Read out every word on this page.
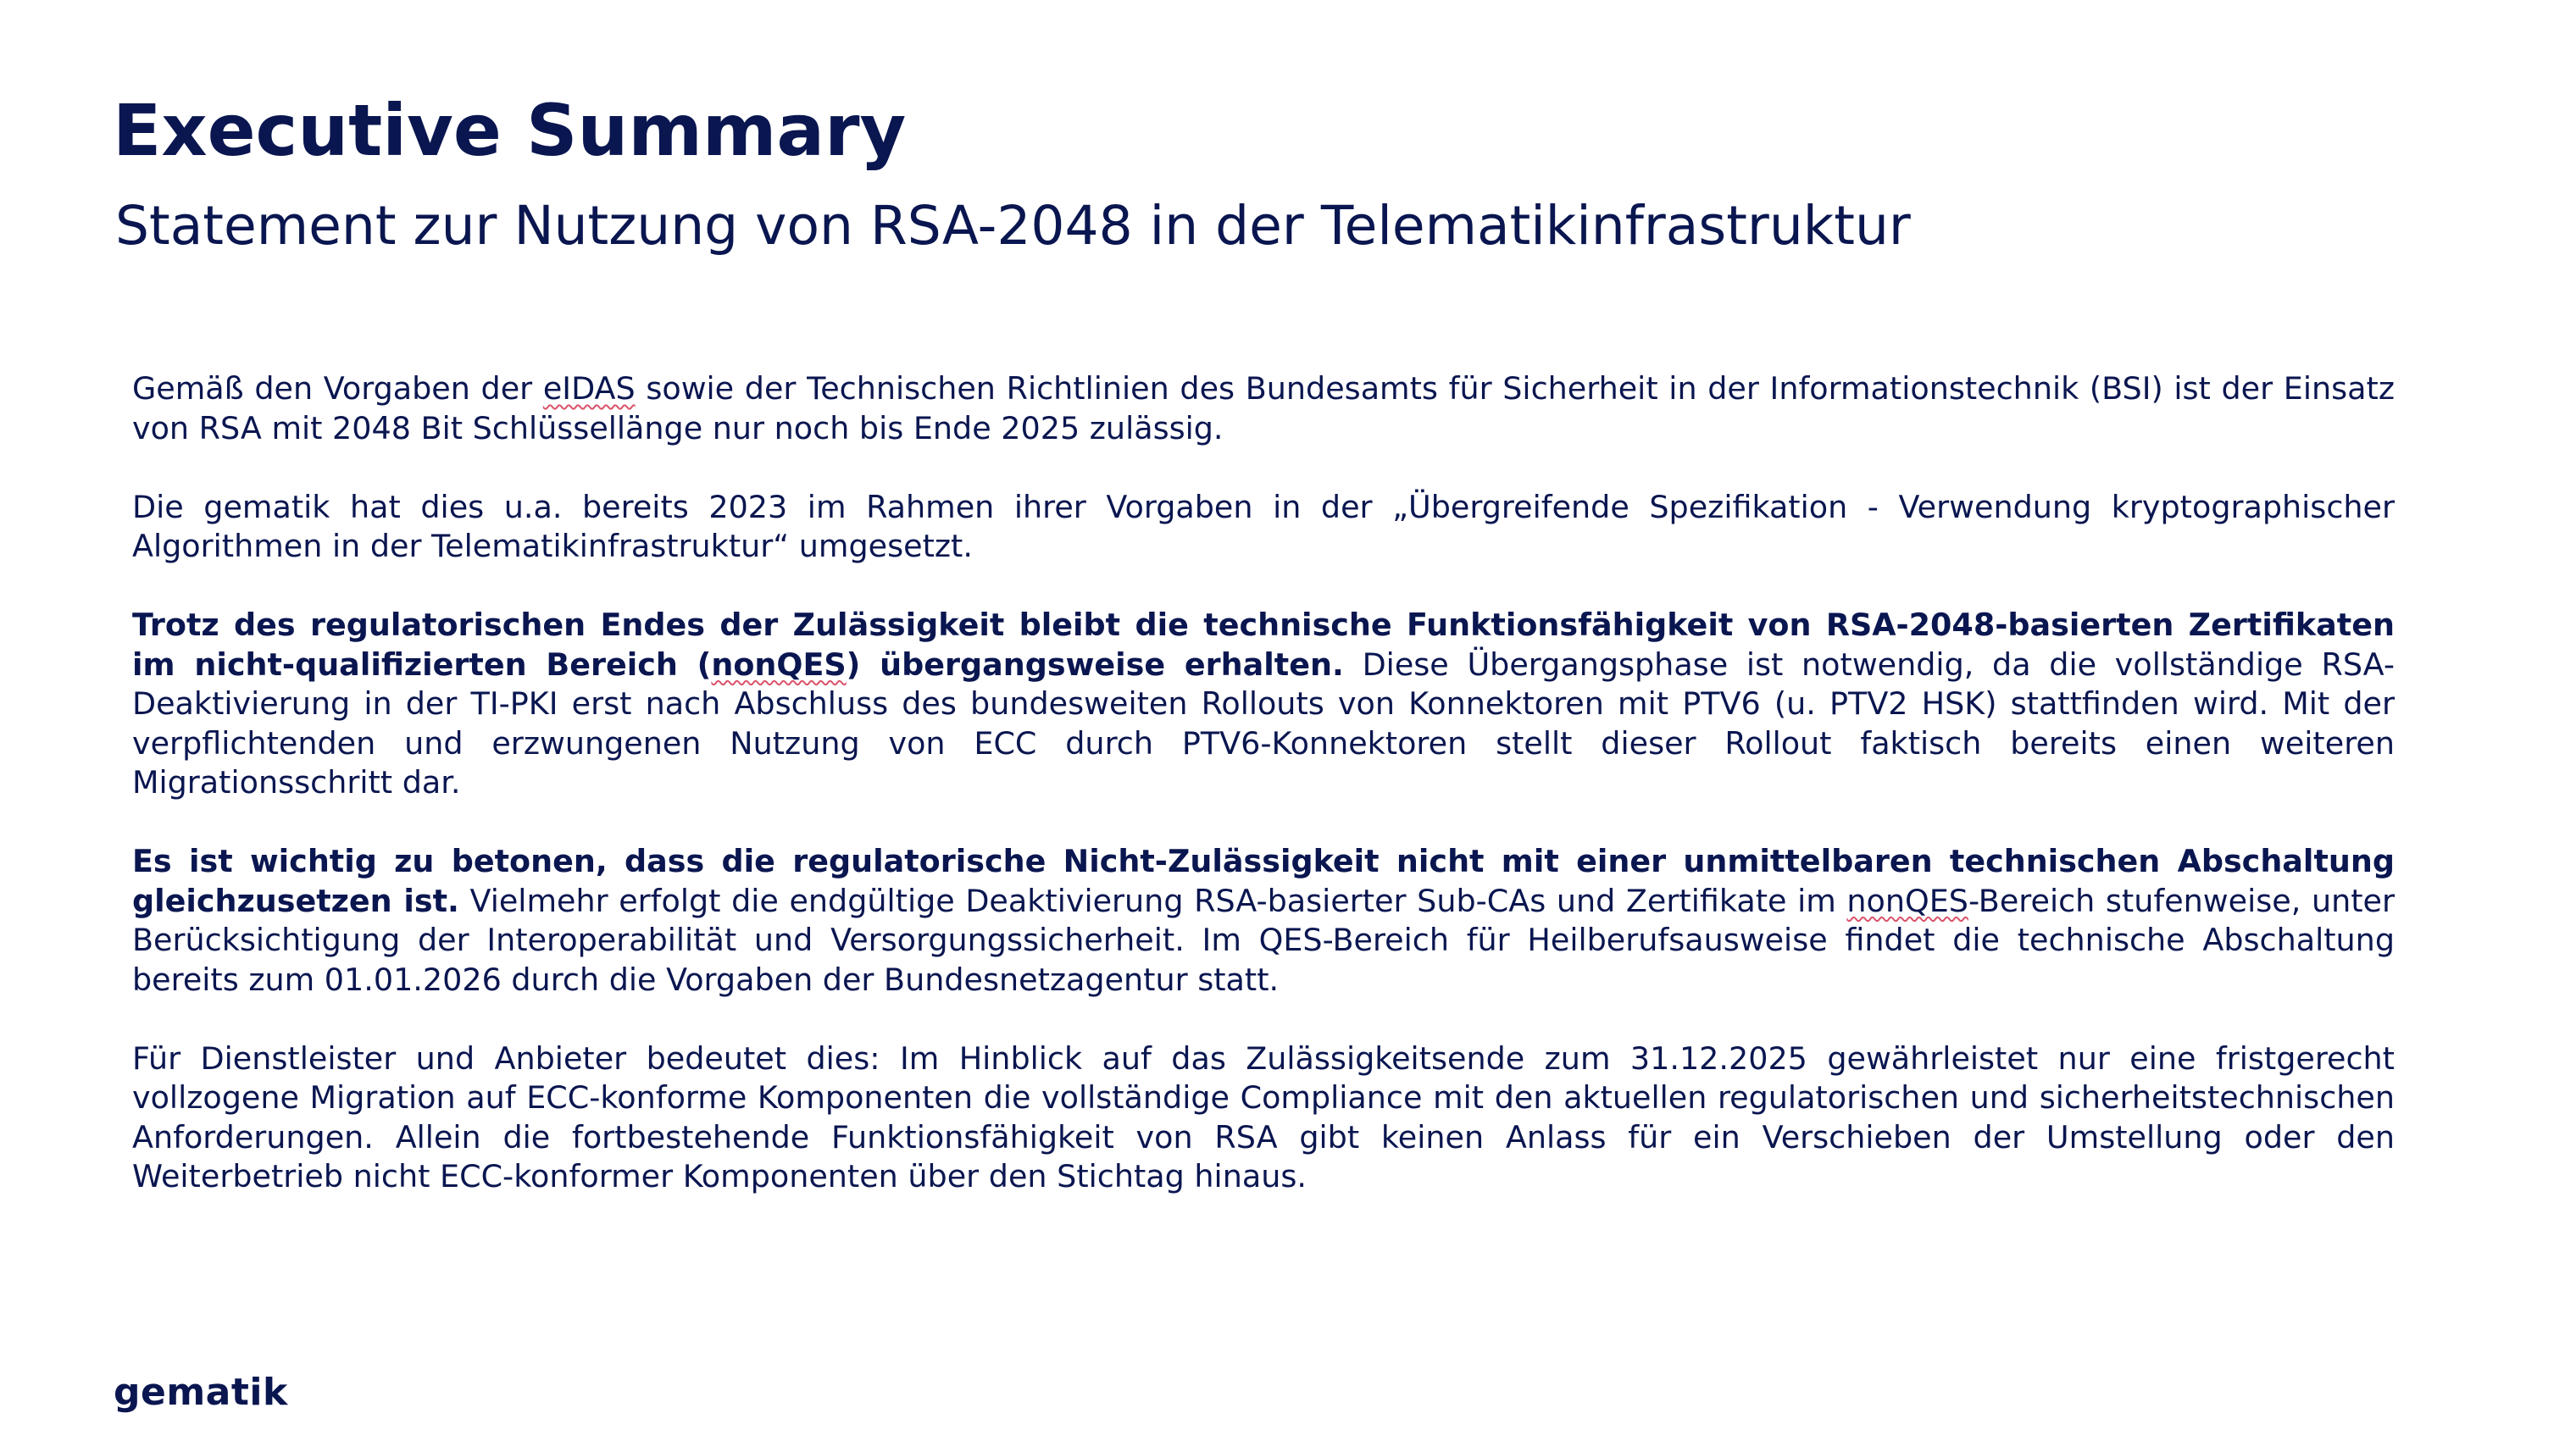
Executive Summary
Statement zur Nutzung von RSA-2048 in der Telematikinfrastruktur

Gemäß den Vorgaben der eIDAS sowie der Technischen Richtlinien des Bundesamts für Sicherheit in der Informationstechnik (BSI) ist der Einsatz von RSA mit 2048 Bit Schlüssellänge nur noch bis Ende 2025 zulässig.

Die gematik hat dies u.a. bereits 2023 im Rahmen ihrer Vorgaben in der „Übergreifende Spezifikation - Verwendung kryptographischer Algorithmen in der Telematikinfrastruktur“ umgesetzt.

Trotz des regulatorischen Endes der Zulässigkeit bleibt die technische Funktionsfähigkeit von RSA-2048-basierten Zertifikaten im nicht-qualifizierten Bereich (nonQES) übergangsweise erhalten. Diese Übergangsphase ist notwendig, da die vollständige RSA-Deaktivierung in der TI-PKI erst nach Abschluss des bundesweiten Rollouts von Konnektoren mit PTV6 (u. PTV2 HSK) stattfinden wird. Mit der verpflichtenden und erzwungenen Nutzung von ECC durch PTV6-Konnektoren stellt dieser Rollout faktisch bereits einen weiteren Migrationsschritt dar.

Es ist wichtig zu betonen, dass die regulatorische Nicht-Zulässigkeit nicht mit einer unmittelbaren technischen Abschaltung gleichzusetzen ist. Vielmehr erfolgt die endgültige Deaktivierung RSA-basierter Sub-CAs und Zertifikate im nonQES-Bereich stufenweise, unter Berücksichtigung der Interoperabilität und Versorgungssicherheit. Im QES-Bereich für Heilberufsausweise findet die technische Abschaltung bereits zum 01.01.2026 durch die Vorgaben der Bundesnetzagentur statt.

Für Dienstleister und Anbieter bedeutet dies: Im Hinblick auf das Zulässigkeitsende zum 31.12.2025 gewährleistet nur eine fristgerecht vollzogene Migration auf ECC-konforme Komponenten die vollständige Compliance mit den aktuellen regulatorischen und sicherheitstechnischen Anforderungen. Allein die fortbestehende Funktionsfähigkeit von RSA gibt keinen Anlass für ein Verschieben der Umstellung oder den Weiterbetrieb nicht ECC-konformer Komponenten über den Stichtag hinaus.

gematik
